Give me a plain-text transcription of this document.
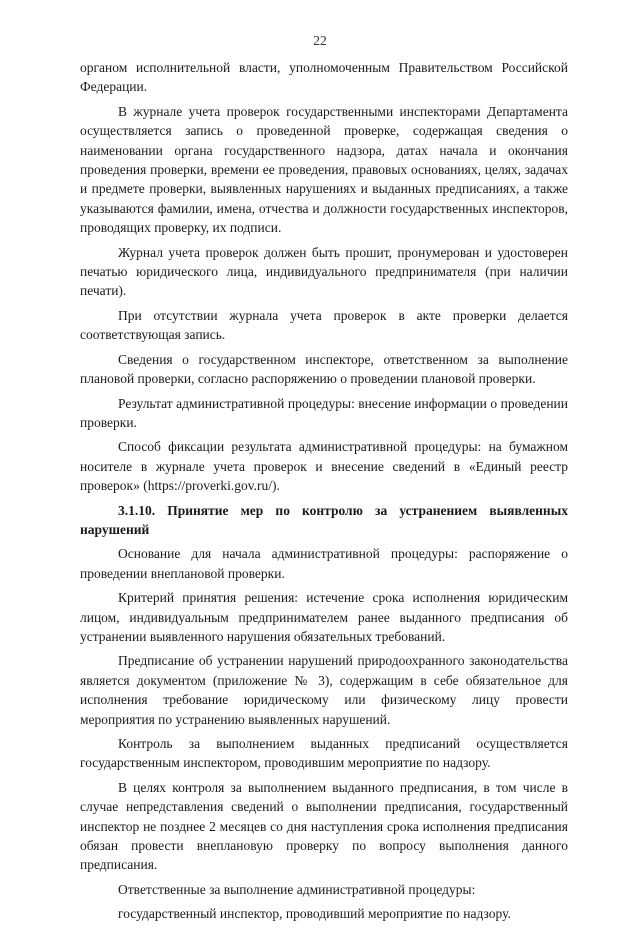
22

органом исполнительной власти, уполномоченным Правительством Российской Федерации.

В журнале учета проверок государственными инспекторами Департамента осуществляется запись о проведенной проверке, содержащая сведения о наименовании органа государственного надзора, датах начала и окончания проведения проверки, времени ее проведения, правовых основаниях, целях, задачах и предмете проверки, выявленных нарушениях и выданных предписаниях, а также указываются фамилии, имена, отчества и должности государственных инспекторов, проводящих проверку, их подписи.

Журнал учета проверок должен быть прошит, пронумерован и удостоверен печатью юридического лица, индивидуального предпринимателя (при наличии печати).

При отсутствии журнала учета проверок в акте проверки делается соответствующая запись.

Сведения о государственном инспекторе, ответственном за выполнение плановой проверки, согласно распоряжению о проведении плановой проверки.

Результат административной процедуры: внесение информации о проведении проверки.

Способ фиксации результата административной процедуры: на бумажном носителе в журнале учета проверок и внесение сведений в «Единый реестр проверок» (https://proverki.gov.ru/).

3.1.10. Принятие мер по контролю за устранением выявленных нарушений

Основание для начала административной процедуры: распоряжение о проведении внеплановой проверки.

Критерий принятия решения: истечение срока исполнения юридическим лицом, индивидуальным предпринимателем ранее выданного предписания об устранении выявленного нарушения обязательных требований.

Предписание об устранении нарушений природоохранного законодательства является документом (приложение № 3), содержащим в себе обязательное для исполнения требование юридическому или физическому лицу провести мероприятия по устранению выявленных нарушений.

Контроль за выполнением выданных предписаний осуществляется государственным инспектором, проводившим мероприятие по надзору.

В целях контроля за выполнением выданного предписания, в том числе в случае непредставления сведений о выполнении предписания, государственный инспектор не позднее 2 месяцев со дня наступления срока исполнения предписания обязан провести внеплановую проверку по вопросу выполнения данного предписания.

Ответственные за выполнение административной процедуры:

государственный инспектор, проводивший мероприятие по надзору.
